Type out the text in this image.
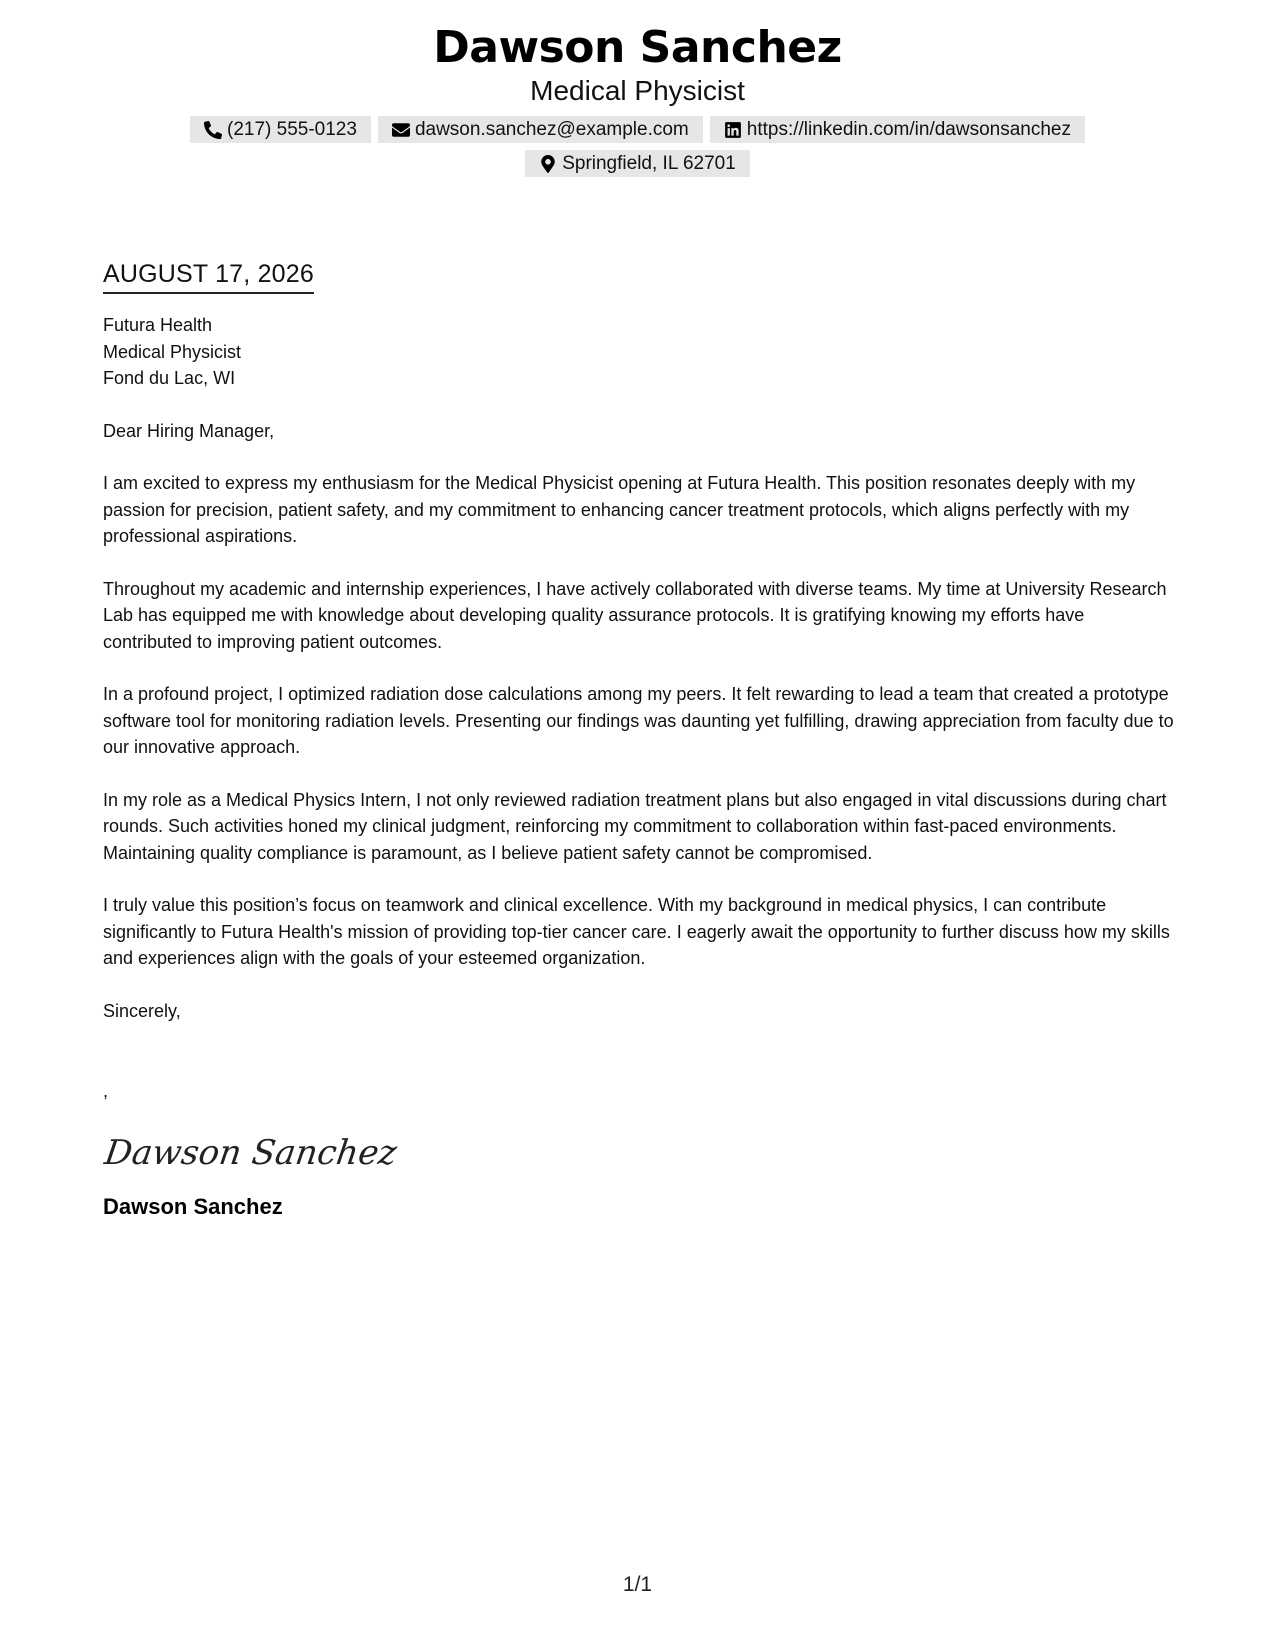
Dawson Sanchez
Medical Physicist
(217) 555-0123	dawson.sanchez@example.com	https://linkedin.com/in/dawsonsanchez
Springfield, IL 62701
AUGUST 17, 2026
Futura Health
Medical Physicist
Fond du Lac, WI
Dear Hiring Manager,
I am excited to express my enthusiasm for the Medical Physicist opening at Futura Health. This position resonates deeply with my passion for precision, patient safety, and my commitment to enhancing cancer treatment protocols, which aligns perfectly with my professional aspirations.
Throughout my academic and internship experiences, I have actively collaborated with diverse teams. My time at University Research Lab has equipped me with knowledge about developing quality assurance protocols. It is gratifying knowing my efforts have contributed to improving patient outcomes.
In a profound project, I optimized radiation dose calculations among my peers. It felt rewarding to lead a team that created a prototype software tool for monitoring radiation levels. Presenting our findings was daunting yet fulfilling, drawing appreciation from faculty due to our innovative approach.
In my role as a Medical Physics Intern, I not only reviewed radiation treatment plans but also engaged in vital discussions during chart rounds. Such activities honed my clinical judgment, reinforcing my commitment to collaboration within fast-paced environments. Maintaining quality compliance is paramount, as I believe patient safety cannot be compromised.
I truly value this position’s focus on teamwork and clinical excellence. With my background in medical physics, I can contribute significantly to Futura Health's mission of providing top-tier cancer care. I eagerly await the opportunity to further discuss how my skills and experiences align with the goals of your esteemed organization.
Sincerely,
,
Dawson Sanchez
Dawson Sanchez
1/1
